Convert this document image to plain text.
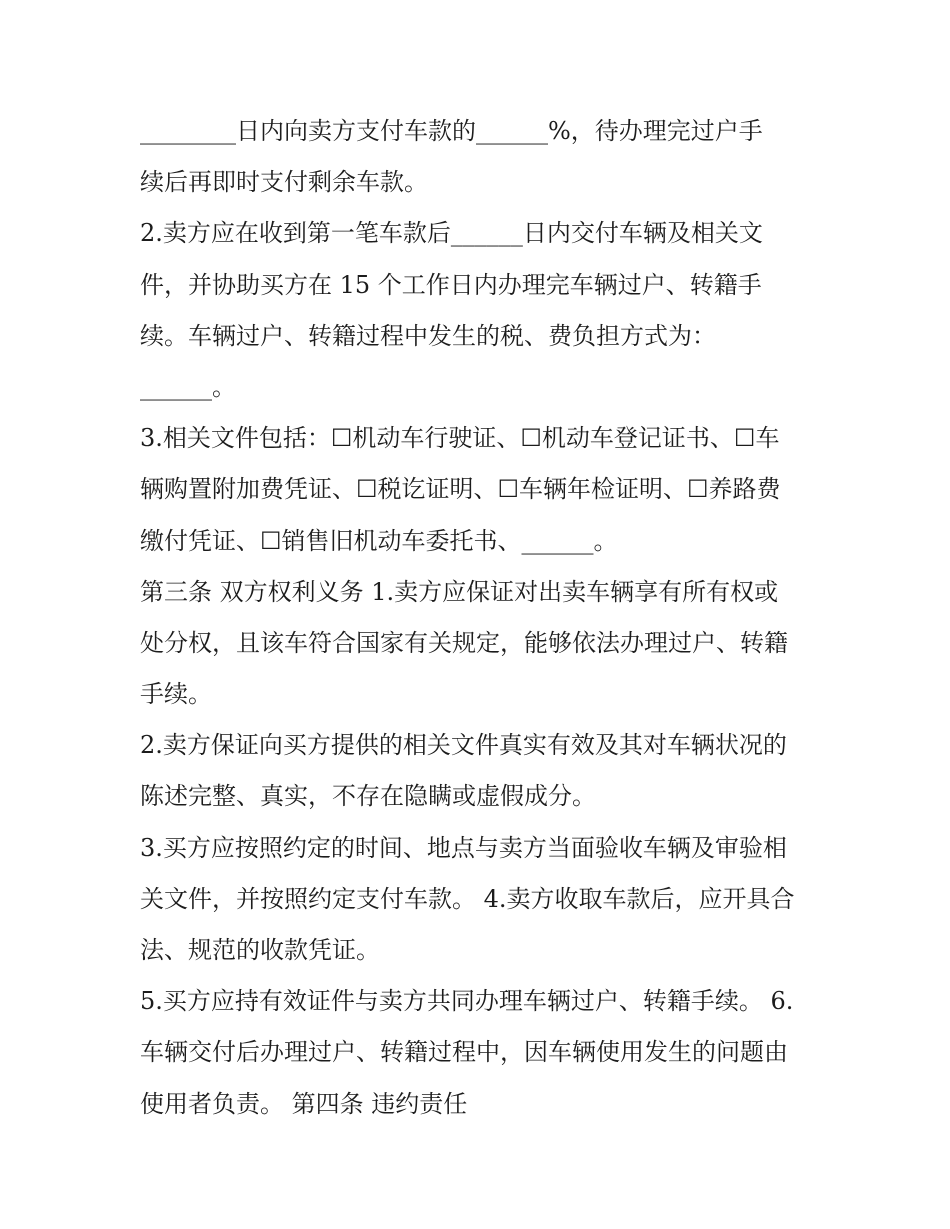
________日内向卖方支付车款的______%，待办理完过户手
续后再即时支付剩余车款。
2.卖方应在收到第一笔车款后______日内交付车辆及相关文
件，并协助买方在 15 个工作日内办理完车辆过户、转籍手
续。车辆过户、转籍过程中发生的税、费负担方式为：
______。
3.相关文件包括：☐机动车行驶证、☐机动车登记证书、☐车
辆购置附加费凭证、☐税讫证明、☐车辆年检证明、☐养路费
缴付凭证、☐销售旧机动车委托书、______。
第三条 双方权利义务 1.卖方应保证对出卖车辆享有所有权或
处分权，且该车符合国家有关规定，能够依法办理过户、转籍
手续。
2.卖方保证向买方提供的相关文件真实有效及其对车辆状况的
陈述完整、真实，不存在隐瞒或虚假成分。
3.买方应按照约定的时间、地点与卖方当面验收车辆及审验相
关文件，并按照约定支付车款。 4.卖方收取车款后，应开具合
法、规范的收款凭证。
5.买方应持有效证件与卖方共同办理车辆过户、转籍手续。 6.
车辆交付后办理过户、转籍过程中，因车辆使用发生的问题由
使用者负责。 第四条 违约责任
